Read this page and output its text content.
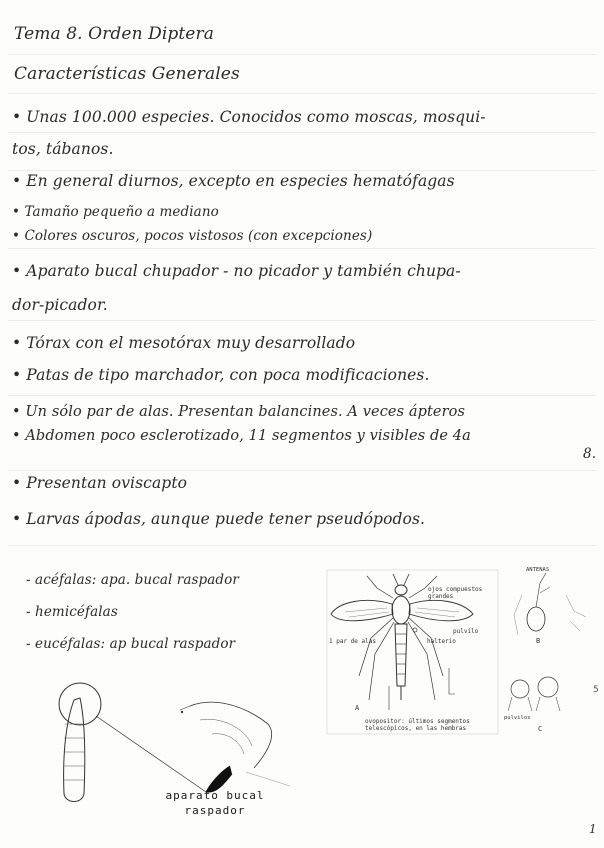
Tema 8. Orden Diptera
Características Generales
• Unas 100.000 especies. Conocidos como moscas, mosqui-
tos, tábanos.
• En general diurnos, excepto en especies hematófagas
• Tamaño pequeño a mediano
• Colores oscuros, pocos vistosos (con excepciones)
• Aparato bucal chupador - no picador y también chupa-
dor-picador.
• Tórax con el mesotórax muy desarrollado
• Patas de tipo marchador, con poca modificaciones.
• Un sólo par de alas. Presentan balancines. A veces ápteros
• Abdomen poco esclerotizado, 11 segmentos y visibles de 4a
8.
• Presentan oviscapto
• Larvas ápodas, aunque puede tener pseudópodos.
- acéfalas: apa. bucal raspador
- hemicéfalas
- eucéfalas: ap bucal raspador
ojos compuestos grandes
1 par de alas
pulvilo
halterio
A
ovopositor: últimos segmentos telescópicos, en las hembras
ANTENAS
B
pulvilos
C
5
aparato bucal raspador
1
